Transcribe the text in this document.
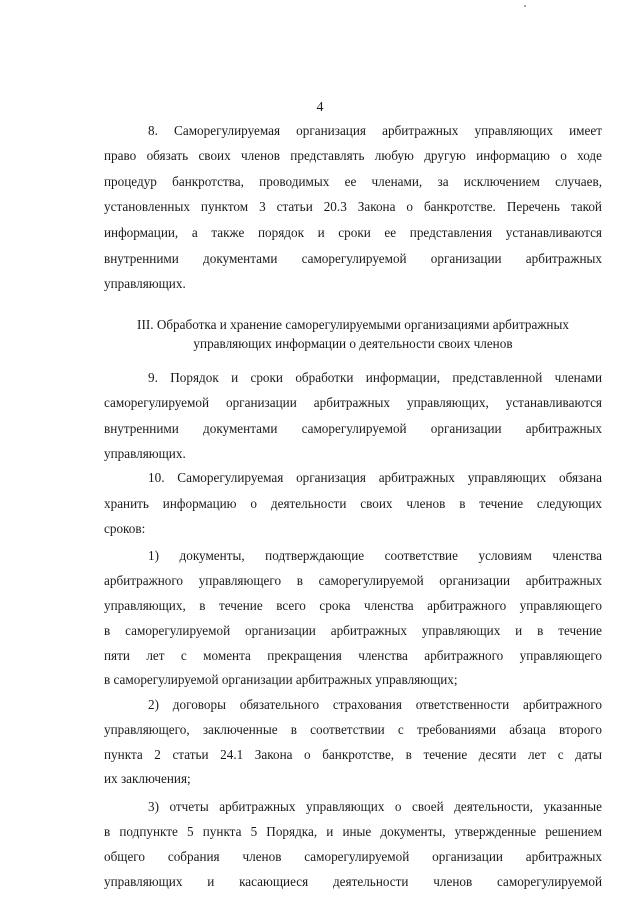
4
8. Саморегулируемая организация арбитражных управляющих имеет
право обязать своих членов представлять любую другую информацию о ходе
процедур банкротства, проводимых ее членами, за исключением случаев,
установленных пунктом 3 статьи 20.3 Закона о банкротстве. Перечень такой
информации, а также порядок и сроки ее представления устанавливаются
внутренними документами саморегулируемой организации арбитражных
управляющих.
III. Обработка и хранение саморегулируемыми организациями арбитражных
управляющих информации о деятельности своих членов
9. Порядок и сроки обработки информации, представленной членами
саморегулируемой организации арбитражных управляющих, устанавливаются
внутренними документами саморегулируемой организации арбитражных
управляющих.
10. Саморегулируемая организация арбитражных управляющих обязана
хранить информацию о деятельности своих членов в течение следующих
сроков:
1) документы, подтверждающие соответствие условиям членства
арбитражного управляющего в саморегулируемой организации арбитражных
управляющих, в течение всего срока членства арбитражного управляющего
в саморегулируемой организации арбитражных управляющих и в течение
пяти лет с момента прекращения членства арбитражного управляющего
в саморегулируемой организации арбитражных управляющих;
2) договоры обязательного страхования ответственности арбитражного
управляющего, заключенные в соответствии с требованиями абзаца второго
пункта 2 статьи 24.1 Закона о банкротстве, в течение десяти лет с даты
их заключения;
3) отчеты арбитражных управляющих о своей деятельности, указанные
в подпункте 5 пункта 5 Порядка, и иные документы, утвержденные решением
общего собрания членов саморегулируемой организации арбитражных
управляющих и касающиеся деятельности членов саморегулируемой
